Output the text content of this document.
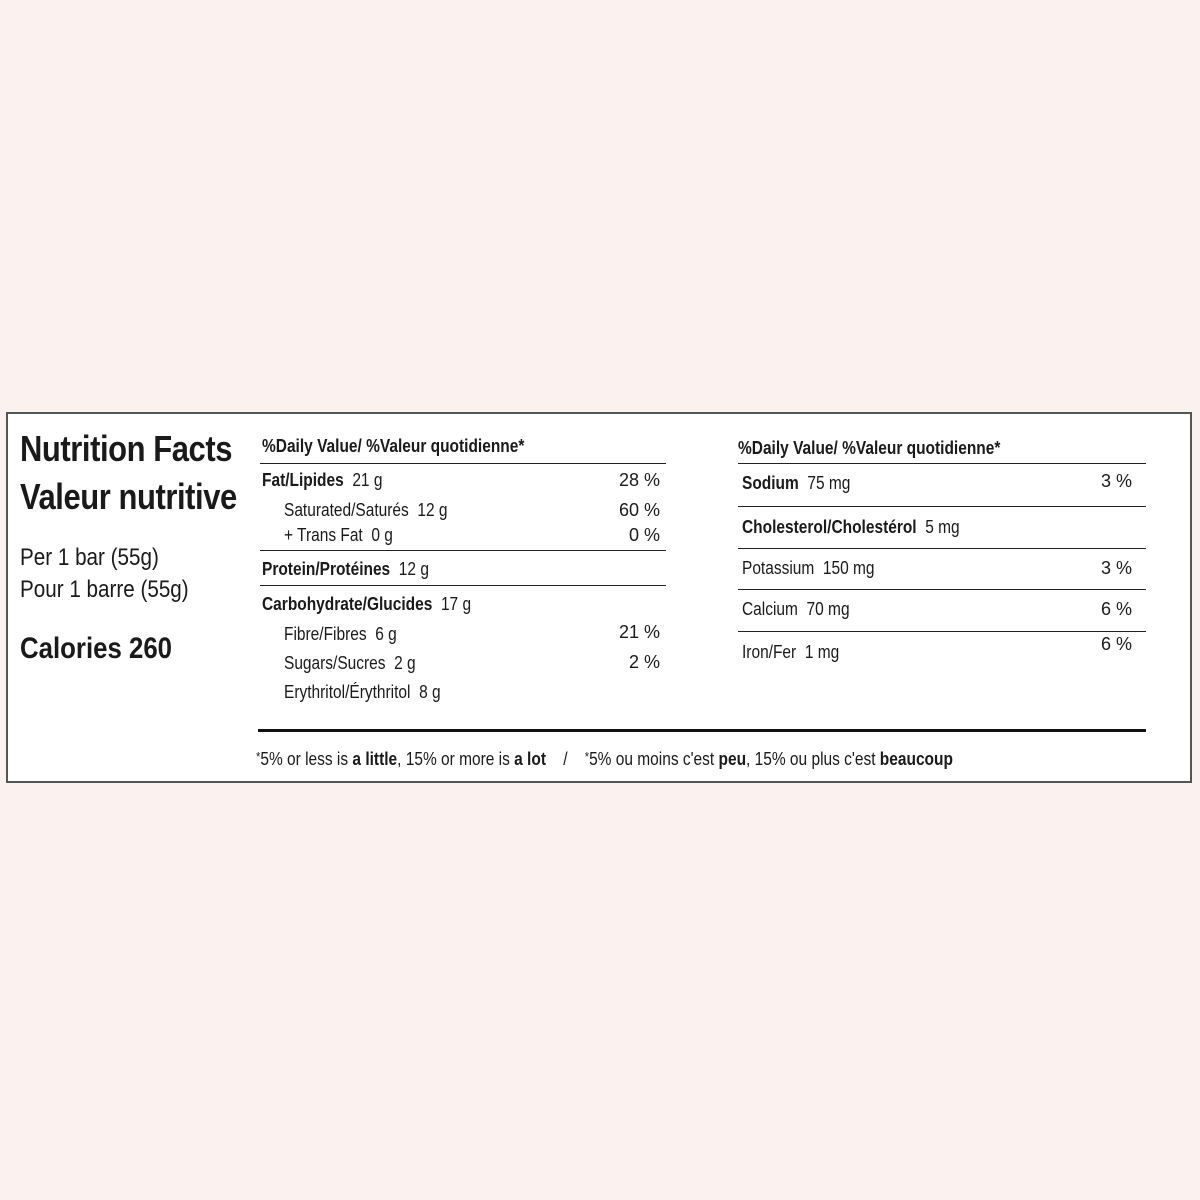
Nutrition Facts
Valeur nutritive
Per 1 bar (55g)
Pour 1 barre (55g)
Calories 260
%Daily Value/ %Valeur quotidienne*
Fat/Lipides 21 g	28 %
Saturated/Saturés 12 g	60 %
+ Trans Fat 0 g	0 %
Protein/Protéines 12 g
Carbohydrate/Glucides 17 g
Fibre/Fibres 6 g	21 %
Sugars/Sucres 2 g	2 %
Erythritol/Érythritol 8 g
%Daily Value/ %Valeur quotidienne*
Sodium 75 mg	3 %
Cholesterol/Cholestérol 5 mg
Potassium 150 mg	3 %
Calcium 70 mg	6 %
Iron/Fer 1 mg	6 %
*5% or less is a little, 15% or more is a lot / *5% ou moins c'est peu, 15% ou plus c'est beaucoup
